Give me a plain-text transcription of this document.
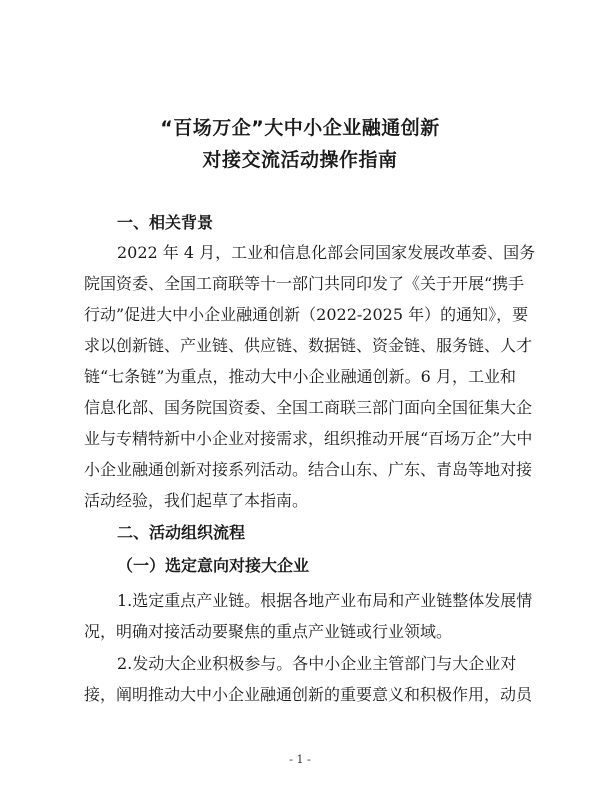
“百场万企”大中小企业融通创新
对接交流活动操作指南
一、相关背景
2022 年 4 月，工业和信息化部会同国家发展改革委、国务
院国资委、全国工商联等十一部门共同印发了《关于开展“携手
行动”促进大中小企业融通创新（2022-2025 年）的通知》，要
求以创新链、产业链、供应链、数据链、资金链、服务链、人才
链“七条链”为重点，推动大中小企业融通创新。6 月，工业和
信息化部、国务院国资委、全国工商联三部门面向全国征集大企
业与专精特新中小企业对接需求，组织推动开展“百场万企”大中
小企业融通创新对接系列活动。结合山东、广东、青岛等地对接
活动经验，我们起草了本指南。
二、活动组织流程
（一）选定意向对接大企业
1.选定重点产业链。根据各地产业布局和产业链整体发展情
况，明确对接活动要聚焦的重点产业链或行业领域。
2.发动大企业积极参与。各中小企业主管部门与大企业对
接，阐明推动大中小企业融通创新的重要意义和积极作用，动员
- 1 -
